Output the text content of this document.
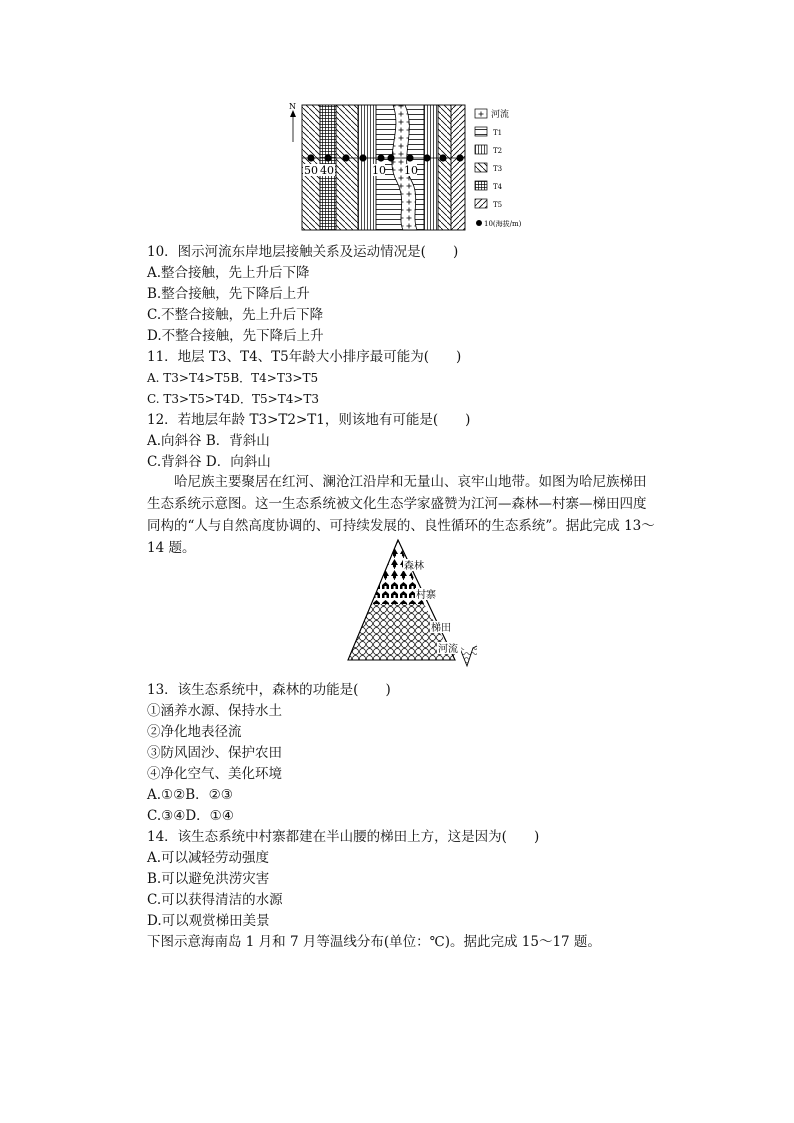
N
50 40	10 10
河流
T1
T2
T3
T4
T5
10(海拔/m)
10．图示河流东岸地层接触关系及运动情况是(　　)
A.整合接触，先上升后下降
B.整合接触，先下降后上升
C.不整合接触，先上升后下降
D.不整合接触，先下降后上升
11．地层 T3、T4、T5年龄大小排序最可能为(　　)
A. T3>T4>T5B．T4>T3>T5
C. T3>T5>T4D．T5>T4>T3
12．若地层年龄 T3>T2>T1，则该地有可能是(　　)
A.向斜谷 B．背斜山
C.背斜谷 D．向斜山
哈尼族主要聚居在红河、澜沧江沿岸和无量山、哀牢山地带。如图为哈尼族梯田生态系统示意图。这一生态系统被文化生态学家盛赞为江河—森林—村寨—梯田四度同构的“人与自然高度协调的、可持续发展的、良性循环的生态系统”。据此完成 13～14 题。
森林
村寨
梯田
河流
13．该生态系统中，森林的功能是(　　)
①涵养水源、保持水土
②净化地表径流
③防风固沙、保护农田
④净化空气、美化环境
A.①②B．②③
C.③④D．①④
14．该生态系统中村寨都建在半山腰的梯田上方，这是因为(　　)
A.可以减轻劳动强度
B.可以避免洪涝灾害
C.可以获得清洁的水源
D.可以观赏梯田美景
下图示意海南岛 1 月和 7 月等温线分布(单位：℃)。据此完成 15～17 题。
